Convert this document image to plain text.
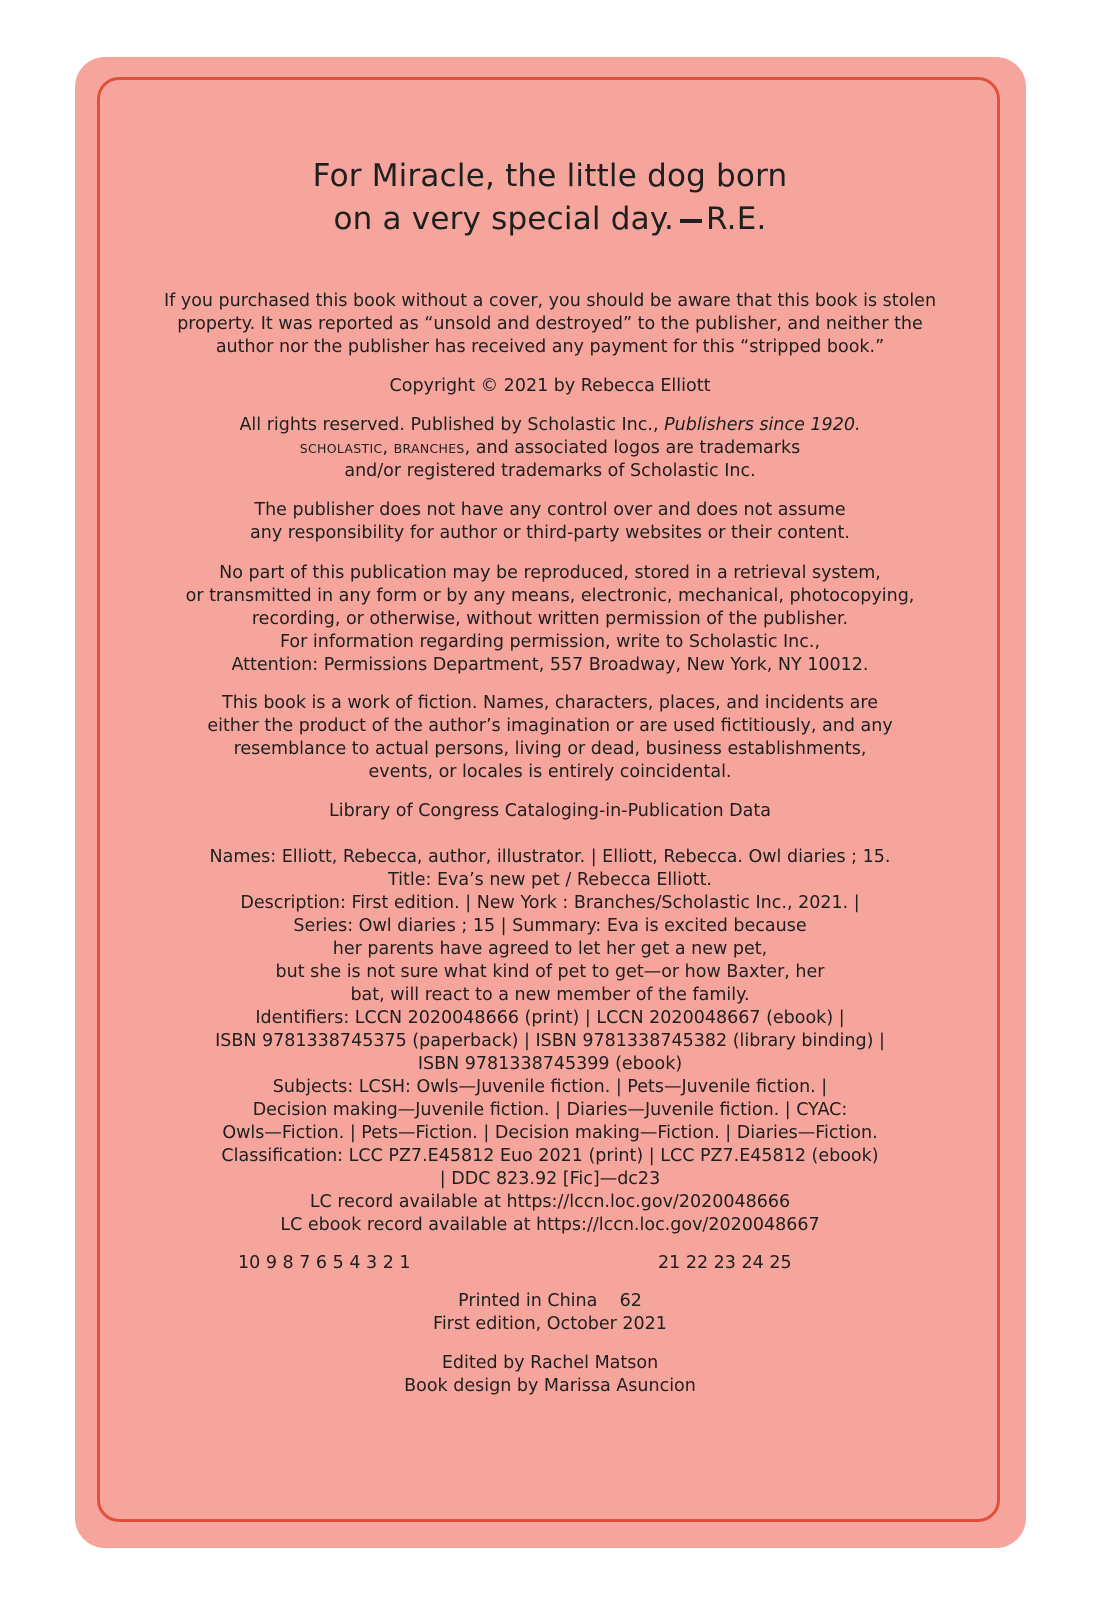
For Miracle, the little dog born
on a very special day. R.E.
If you purchased this book without a cover, you should be aware that this book is stolen
property. It was reported as “unsold and destroyed” to the publisher, and neither the
author nor the publisher has received any payment for this “stripped book.”
Copyright © 2021 by Rebecca Elliott
All rights reserved. Published by Scholastic Inc., Publishers since 1920.
SCHOLASTIC, BRANCHES, and associated logos are trademarks
and/or registered trademarks of Scholastic Inc.
The publisher does not have any control over and does not assume
any responsibility for author or third-party websites or their content.
No part of this publication may be reproduced, stored in a retrieval system,
or transmitted in any form or by any means, electronic, mechanical, photocopying,
recording, or otherwise, without written permission of the publisher.
For information regarding permission, write to Scholastic Inc.,
Attention: Permissions Department, 557 Broadway, New York, NY 10012.
This book is a work of fiction. Names, characters, places, and incidents are
either the product of the author’s imagination or are used fictitiously, and any
resemblance to actual persons, living or dead, business establishments,
events, or locales is entirely coincidental.
Library of Congress Cataloging-in-Publication Data
Names: Elliott, Rebecca, author, illustrator. | Elliott, Rebecca. Owl diaries ; 15.
Title: Eva’s new pet / Rebecca Elliott.
Description: First edition. | New York : Branches/Scholastic Inc., 2021. |
Series: Owl diaries ; 15 | Summary: Eva is excited because
her parents have agreed to let her get a new pet,
but she is not sure what kind of pet to get—or how Baxter, her
bat, will react to a new member of the family.
Identifiers: LCCN 2020048666 (print) | LCCN 2020048667 (ebook) |
ISBN 9781338745375 (paperback) | ISBN 9781338745382 (library binding) |
ISBN 9781338745399 (ebook)
Subjects: LCSH: Owls—Juvenile fiction. | Pets—Juvenile fiction. |
Decision making—Juvenile fiction. | Diaries—Juvenile fiction. | CYAC:
Owls—Fiction. | Pets—Fiction. | Decision making—Fiction. | Diaries—Fiction.
Classification: LCC PZ7.E45812 Euo 2021 (print) | LCC PZ7.E45812 (ebook)
| DDC 823.92 [Fic]—dc23
LC record available at https://lccn.loc.gov/2020048666
LC ebook record available at https://lccn.loc.gov/2020048667
10 9 8 7 6 5 4 3 2 1	21 22 23 24 25
Printed in China    62
First edition, October 2021
Edited by Rachel Matson
Book design by Marissa Asuncion
